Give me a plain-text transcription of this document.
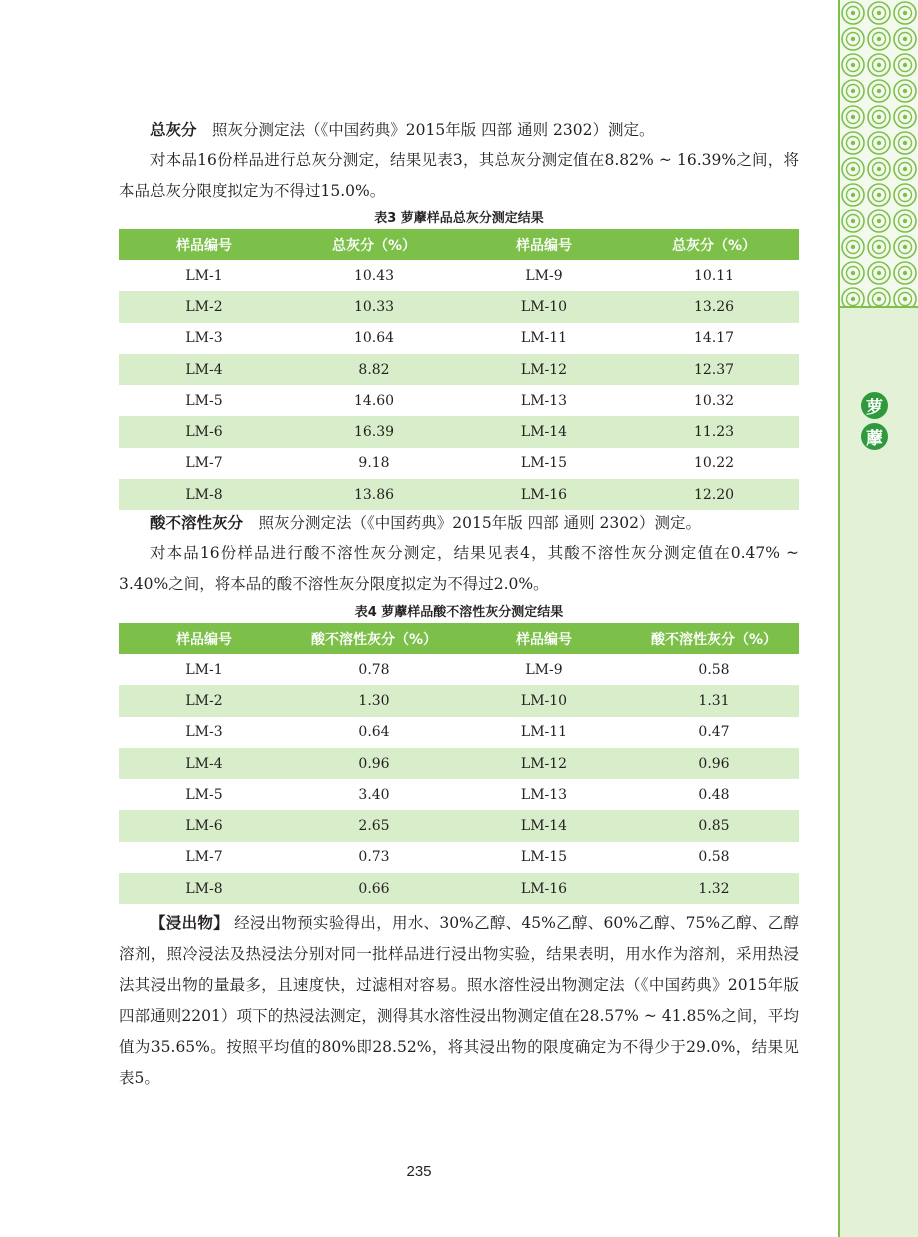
萝
藦

总灰分　 照灰分测定法（《中国药典》2015年版 四部 通则 2302）测定。

对本品16份样品进行总灰分测定，结果见表3，其总灰分测定值在8.82% ~ 16.39%之间，将本品总灰分限度拟定为不得过15.0%。

表3 萝藦样品总灰分测定结果
样品编号	总灰分（%）	样品编号	总灰分（%）
LM-1	10.43	LM-9	10.11
LM-2	10.33	LM-10	13.26
LM-3	10.64	LM-11	14.17
LM-4	8.82	LM-12	12.37
LM-5	14.60	LM-13	10.32
LM-6	16.39	LM-14	11.23
LM-7	9.18	LM-15	10.22
LM-8	13.86	LM-16	12.20

酸不溶性灰分　 照灰分测定法（《中国药典》2015年版 四部 通则 2302）测定。

对本品16份样品进行酸不溶性灰分测定，结果见表4，其酸不溶性灰分测定值在0.47% ~ 3.40%之间，将本品的酸不溶性灰分限度拟定为不得过2.0%。

表4 萝藦样品酸不溶性灰分测定结果
样品编号	酸不溶性灰分（%）	样品编号	酸不溶性灰分（%）
LM-1	0.78	LM-9	0.58
LM-2	1.30	LM-10	1.31
LM-3	0.64	LM-11	0.47
LM-4	0.96	LM-12	0.96
LM-5	3.40	LM-13	0.48
LM-6	2.65	LM-14	0.85
LM-7	0.73	LM-15	0.58
LM-8	0.66	LM-16	1.32

【浸出物】 经浸出物预实验得出，用水、30%乙醇、45%乙醇、60%乙醇、75%乙醇、乙醇溶剂，照冷浸法及热浸法分别对同一批样品进行浸出物实验，结果表明，用水作为溶剂，采用热浸法其浸出物的量最多，且速度快，过滤相对容易。照水溶性浸出物测定法（《中国药典》2015年版四部通则2201）项下的热浸法测定，测得其水溶性浸出物测定值在28.57% ~ 41.85%之间，平均值为35.65%。按照平均值的80%即28.52%，将其浸出物的限度确定为不得少于29.0%，结果见表5。

235
